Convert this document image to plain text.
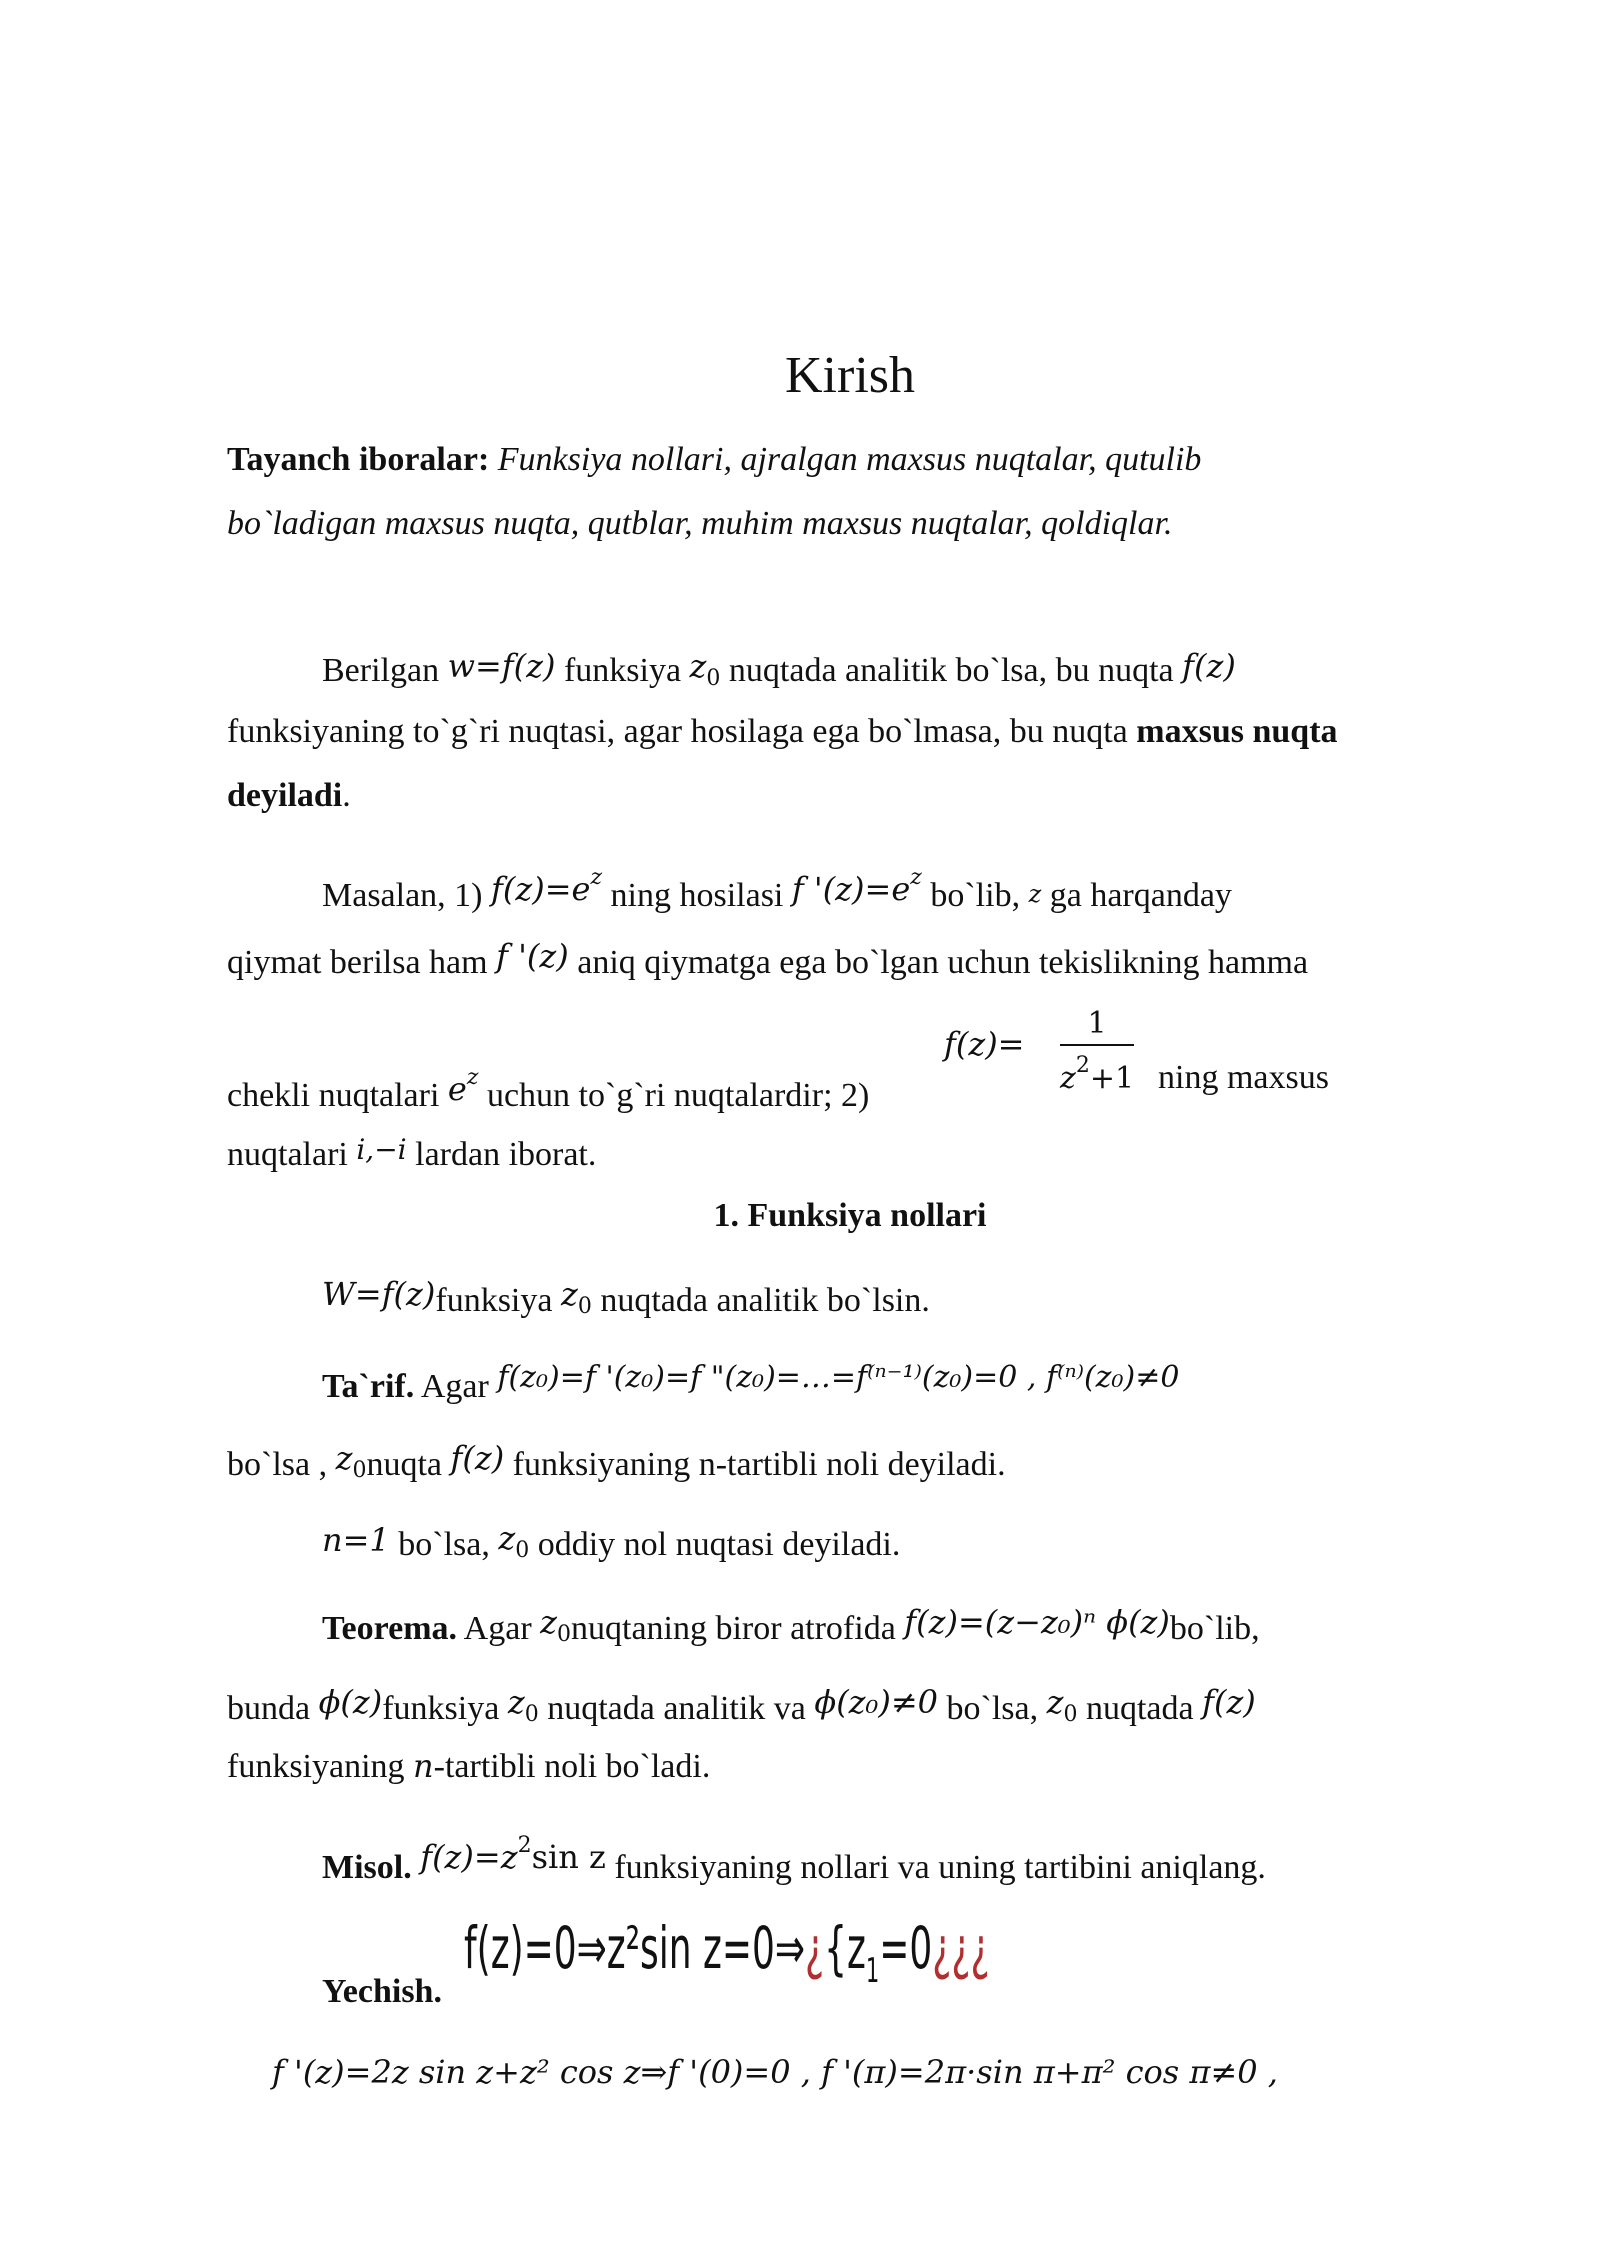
Kirish
Tayanch iboralar: Funksiya nollari, ajralgan maxsus nuqtalar, qutulib
bo`ladigan maxsus nuqta, qutblar, muhim maxsus nuqtalar, qoldiqlar.
Berilgan w=f(z) funksiya $z_0$ nuqtada analitik bo`lsa, bu nuqta f(z)
funksiyaning to`g`ri nuqtasi, agar hosilaga ega bo`lmasa, bu nuqta maxsus nuqta
deyiladi.
Masalan, 1) $f(z)=e^z$ ning hosilasi f '$(z)=e^z$ bo`lib, z ga harqanday
qiymat berilsa ham f '(z) aniq qiymatga ega bo`lgan uchun tekislikning hamma
$f(z)= \frac{1}{z^2+1}$
chekli nuqtalari $e^z$ uchun to`g`ri nuqtalardir; 2)	ning maxsus
nuqtalari i,−i lardan iborat.
1. Funksiya nollari
W=f(z)funksiya $z_0$ nuqtada analitik bo`lsin.
Ta`rif. Agar f(z₀)=f '(z₀)=f "(z₀)=…=f⁽ⁿ⁻¹⁾(z₀)=0 , f⁽ⁿ⁾(z₀)≠0
bo`lsa , $z_0nuqta$ f(z) funksiyaning n-tartibli noli deyiladi.
n=1 bo`lsa, $z_0$ oddiy nol nuqtasi deyiladi.
Teorema. Agar $z_0nuqtaning$ biror atrofida f(z)=(z−z₀)ⁿ ϕ(z)bo`lib,
bunda ϕ(z)funksiya $z_0$ nuqtada analitik va ϕ(z₀)≠0 bo`lsa, $z_0$ nuqtada f(z)
funksiyaning n-tartibli noli bo`ladi.
Misol. $f(z)=z^2\sin$ z funksiyaning nollari va uning tartibini aniqlang.
f(z)=0⇒z²sin $z=0\Rightarrow¿\{z_1=0¿¿¿$
Yechish.
f '(z)=2z sin z+z² cos z⇒f '(0)=0 , f '(π)=2π·sin π+π² cos π≠0 ,
